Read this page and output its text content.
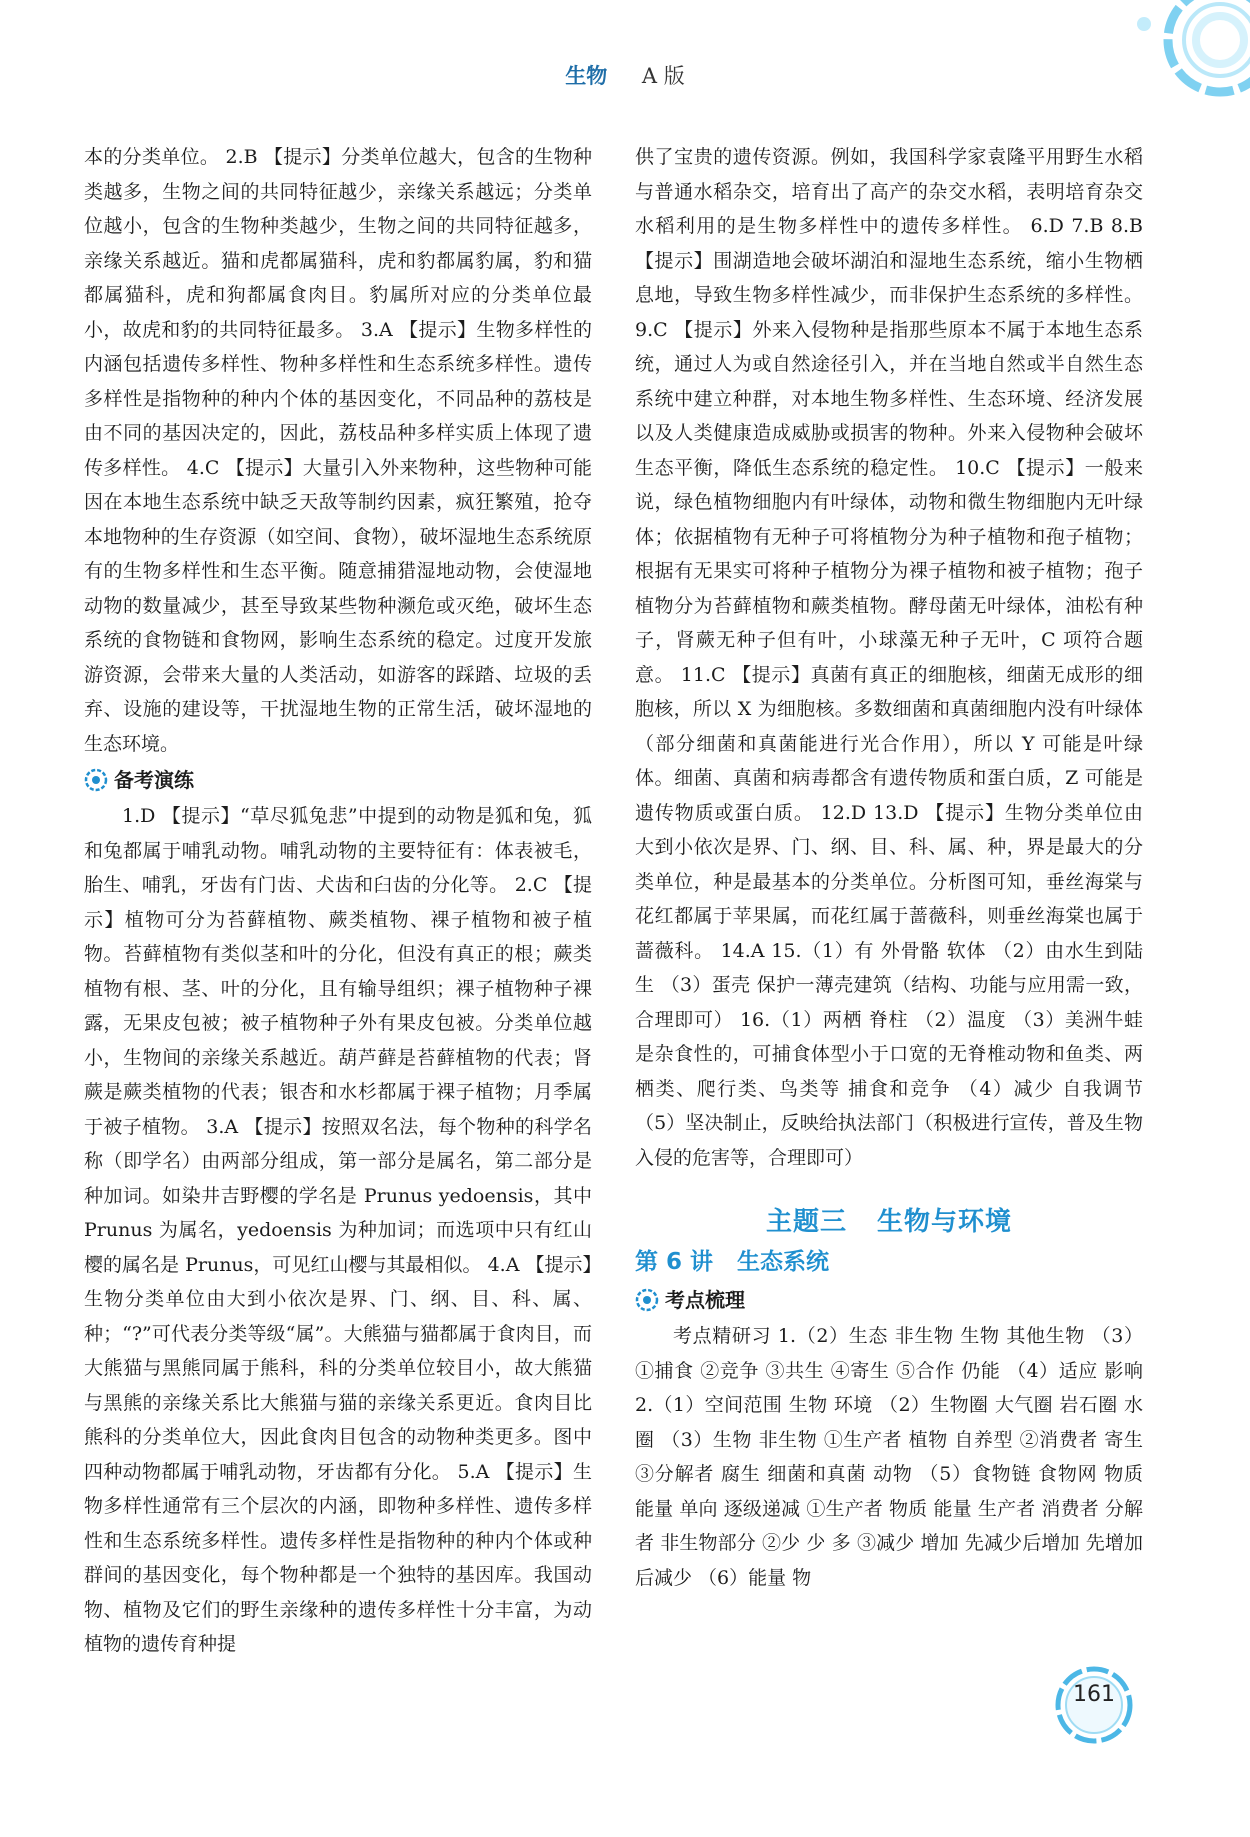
生物 A 版

本的分类单位。 2.B 【提示】分类单位越大，包含的生物种类越多，生物之间的共同特征越少，亲缘关系越远；分类单位越小，包含的生物种类越少，生物之间的共同特征越多，亲缘关系越近。猫和虎都属猫科，虎和豹都属豹属，豹和猫都属猫科，虎和狗都属食肉目。豹属所对应的分类单位最小，故虎和豹的共同特征最多。 3.A 【提示】生物多样性的内涵包括遗传多样性、物种多样性和生态系统多样性。遗传多样性是指物种的种内个体的基因变化，不同品种的荔枝是由不同的基因决定的，因此，荔枝品种多样实质上体现了遗传多样性。 4.C 【提示】大量引入外来物种，这些物种可能因在本地生态系统中缺乏天敌等制约因素，疯狂繁殖，抢夺本地物种的生存资源（如空间、食物），破坏湿地生态系统原有的生物多样性和生态平衡。随意捕猎湿地动物，会使湿地动物的数量减少，甚至导致某些物种濒危或灭绝，破坏生态系统的食物链和食物网，影响生态系统的稳定。过度开发旅游资源，会带来大量的人类活动，如游客的踩踏、垃圾的丢弃、设施的建设等，干扰湿地生物的正常生活，破坏湿地的生态环境。

备考演练

1.D 【提示】“草尽狐兔悲”中提到的动物是狐和兔，狐和兔都属于哺乳动物。哺乳动物的主要特征有：体表被毛，胎生、哺乳，牙齿有门齿、犬齿和臼齿的分化等。 2.C 【提示】植物可分为苔藓植物、蕨类植物、裸子植物和被子植物。苔藓植物有类似茎和叶的分化，但没有真正的根；蕨类植物有根、茎、叶的分化，且有输导组织；裸子植物种子裸露，无果皮包被；被子植物种子外有果皮包被。分类单位越小，生物间的亲缘关系越近。葫芦藓是苔藓植物的代表；肾蕨是蕨类植物的代表；银杏和水杉都属于裸子植物；月季属于被子植物。 3.A 【提示】按照双名法，每个物种的科学名称（即学名）由两部分组成，第一部分是属名，第二部分是种加词。如染井吉野樱的学名是 Prunus yedoensis，其中 Prunus 为属名，yedoensis 为种加词；而选项中只有红山樱的属名是 Prunus，可见红山樱与其最相似。 4.A 【提示】生物分类单位由大到小依次是界、门、纲、目、科、属、种；“?”可代表分类等级“属”。大熊猫与猫都属于食肉目，而大熊猫与黑熊同属于熊科，科的分类单位较目小，故大熊猫与黑熊的亲缘关系比大熊猫与猫的亲缘关系更近。食肉目比熊科的分类单位大，因此食肉目包含的动物种类更多。图中四种动物都属于哺乳动物，牙齿都有分化。 5.A 【提示】生物多样性通常有三个层次的内涵，即物种多样性、遗传多样性和生态系统多样性。遗传多样性是指物种的种内个体或种群间的基因变化，每个物种都是一个独特的基因库。我国动物、植物及它们的野生亲缘种的遗传多样性十分丰富，为动植物的遗传育种提

供了宝贵的遗传资源。例如，我国科学家袁隆平用野生水稻与普通水稻杂交，培育出了高产的杂交水稻，表明培育杂交水稻利用的是生物多样性中的遗传多样性。 6.D 7.B 8.B 【提示】围湖造地会破坏湖泊和湿地生态系统，缩小生物栖息地，导致生物多样性减少，而非保护生态系统的多样性。 9.C 【提示】外来入侵物种是指那些原本不属于本地生态系统，通过人为或自然途径引入，并在当地自然或半自然生态系统中建立种群，对本地生物多样性、生态环境、经济发展以及人类健康造成威胁或损害的物种。外来入侵物种会破坏生态平衡，降低生态系统的稳定性。 10.C 【提示】一般来说，绿色植物细胞内有叶绿体，动物和微生物细胞内无叶绿体；依据植物有无种子可将植物分为种子植物和孢子植物；根据有无果实可将种子植物分为裸子植物和被子植物；孢子植物分为苔藓植物和蕨类植物。酵母菌无叶绿体，油松有种子，肾蕨无种子但有叶，小球藻无种子无叶，C 项符合题意。 11.C 【提示】真菌有真正的细胞核，细菌无成形的细胞核，所以 X 为细胞核。多数细菌和真菌细胞内没有叶绿体（部分细菌和真菌能进行光合作用），所以 Y 可能是叶绿体。细菌、真菌和病毒都含有遗传物质和蛋白质，Z 可能是遗传物质或蛋白质。 12.D 13.D 【提示】生物分类单位由大到小依次是界、门、纲、目、科、属、种，界是最大的分类单位，种是最基本的分类单位。分析图可知，垂丝海棠与花红都属于苹果属，而花红属于蔷薇科，则垂丝海棠也属于蔷薇科。 14.A 15.（1）有 外骨骼 软体 （2）由水生到陆生 （3）蛋壳 保护一薄壳建筑（结构、功能与应用需一致，合理即可） 16.（1）两栖 脊柱 （2）温度 （3）美洲牛蛙是杂食性的，可捕食体型小于口宽的无脊椎动物和鱼类、两栖类、爬行类、鸟类等 捕食和竞争 （4）减少 自我调节 （5）坚决制止，反映给执法部门（积极进行宣传，普及生物入侵的危害等，合理即可）

主题三 生物与环境
第 6 讲 生态系统
考点梳理

考点精研习 1.（2）生态 非生物 生物 其他生物 （3）①捕食 ②竞争 ③共生 ④寄生 ⑤合作 仍能 （4）适应 影响 2.（1）空间范围 生物 环境 （2）生物圈 大气圈 岩石圈 水圈 （3）生物 非生物 ①生产者 植物 自养型 ②消费者 寄生 ③分解者 腐生 细菌和真菌 动物 （5）食物链 食物网 物质 能量 单向 逐级递减 ①生产者 物质 能量 生产者 消费者 分解者 非生物部分 ②少 少 多 ③减少 增加 先减少后增加 先增加后减少 （6）能量 物

161
